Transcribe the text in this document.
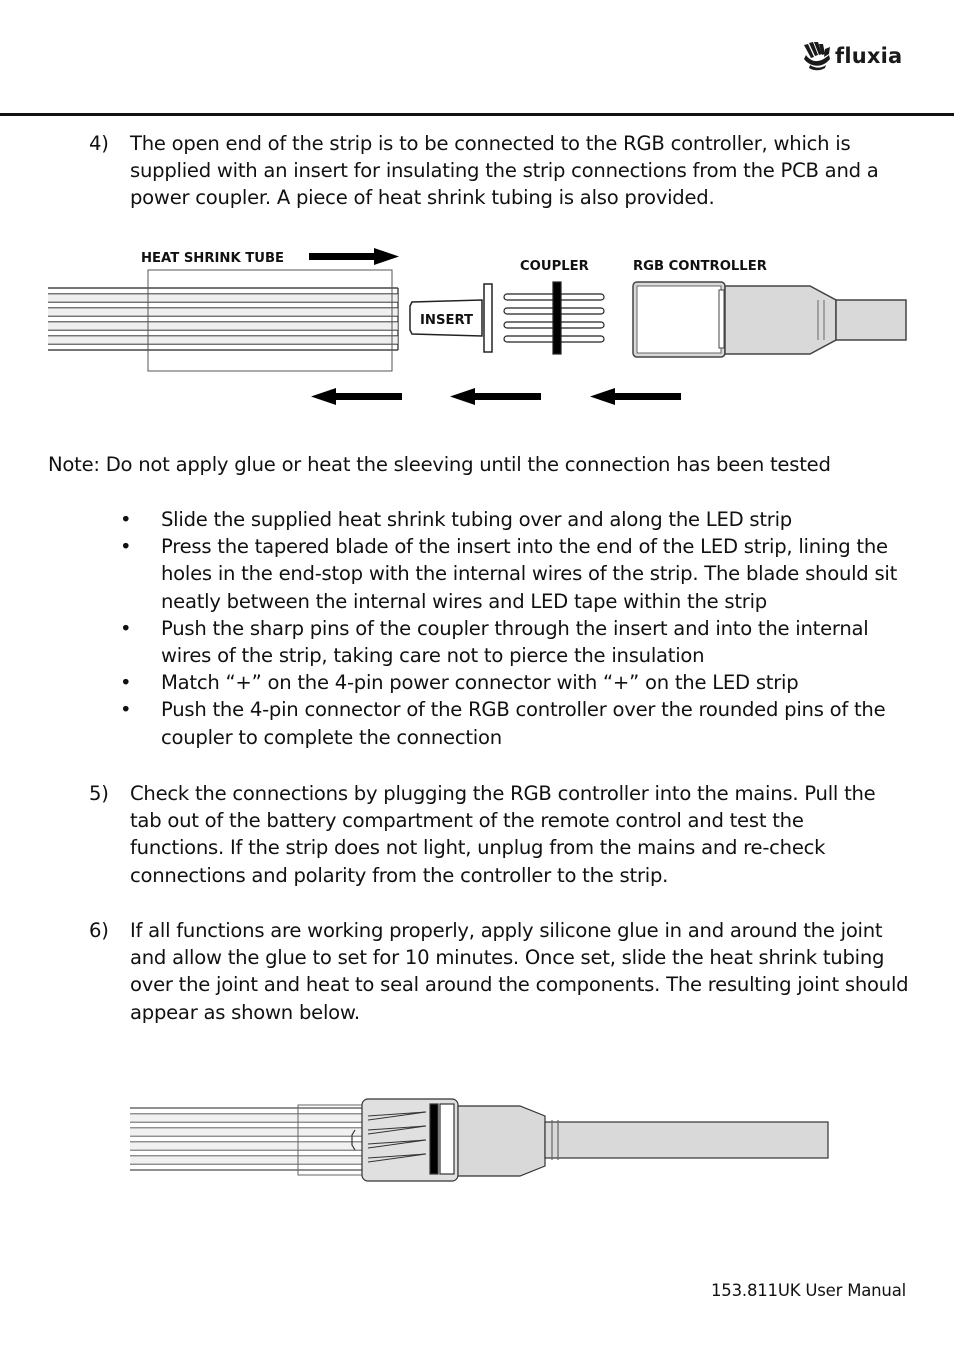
fluxia
4)	The open end of the strip is to be connected to the RGB controller, which is supplied with an insert for insulating the strip connections from the PCB and a power coupler. A piece of heat shrink tubing is also provided.
HEAT SHRINK TUBE
INSERT
COUPLER	RGB CONTROLLER
Note: Do not apply glue or heat the sleeving until the connection has been tested
• Slide the supplied heat shrink tubing over and along the LED strip
• Press the tapered blade of the insert into the end of the LED strip, lining the holes in the end-stop with the internal wires of the strip. The blade should sit neatly between the internal wires and LED tape within the strip
• Push the sharp pins of the coupler through the insert and into the internal wires of the strip, taking care not to pierce the insulation
• Match “+” on the 4-pin power connector with “+” on the LED strip
• Push the 4-pin connector of the RGB controller over the rounded pins of the coupler to complete the connection
5)	Check the connections by plugging the RGB controller into the mains. Pull the tab out of the battery compartment of the remote control and test the functions. If the strip does not light, unplug from the mains and re-check connections and polarity from the controller to the strip.
6)	If all functions are working properly, apply silicone glue in and around the joint and allow the glue to set for 10 minutes. Once set, slide the heat shrink tubing over the joint and heat to seal around the components. The resulting joint should appear as shown below.
153.811UK User Manual
